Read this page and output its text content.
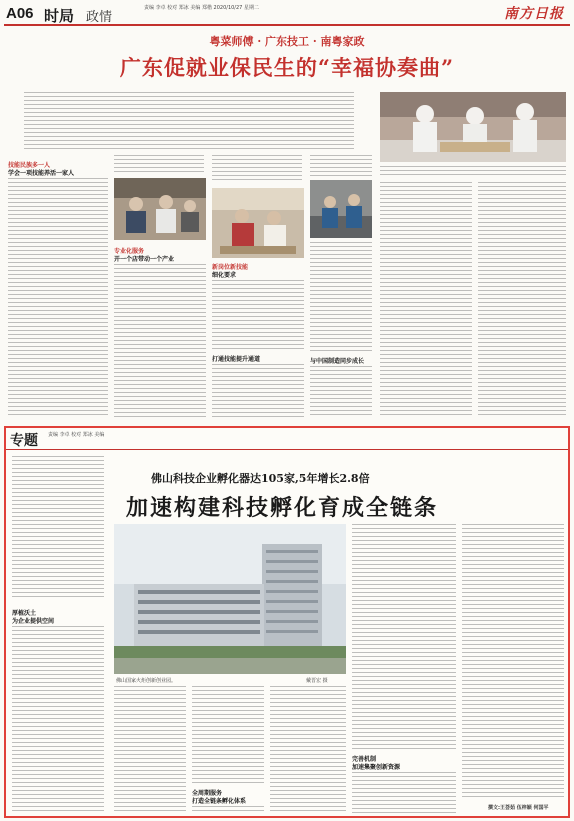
A06 时局 政情
责编 李卓 校对 郑冰 美编 郑楷 2020/10/27 星期二	南方日报
粤菜师傅 · 广东技工 · 南粤家政
广东促就业保民生的“幸福协奏曲”
技能民族多一人
学会一项技能养活一家人
专业化服务
开一个店带动一个产业
新岗位新技能
细化要求
打通技能提升通道	与中国制造同步成长
专题 责编 李卓 校对 郑冰 美编
佛山科技企业孵化器达105家,5年增长2.8倍
加速构建科技孵化育成全链条
佛山国家火炬创新创业园。	戴晋宏 摄
厚植沃土
为企业提供空间
全周期服务
打造全链条孵化体系
完善机制
加速集聚创新资源
撰文:王荟茹 伍梓颖 何国平
